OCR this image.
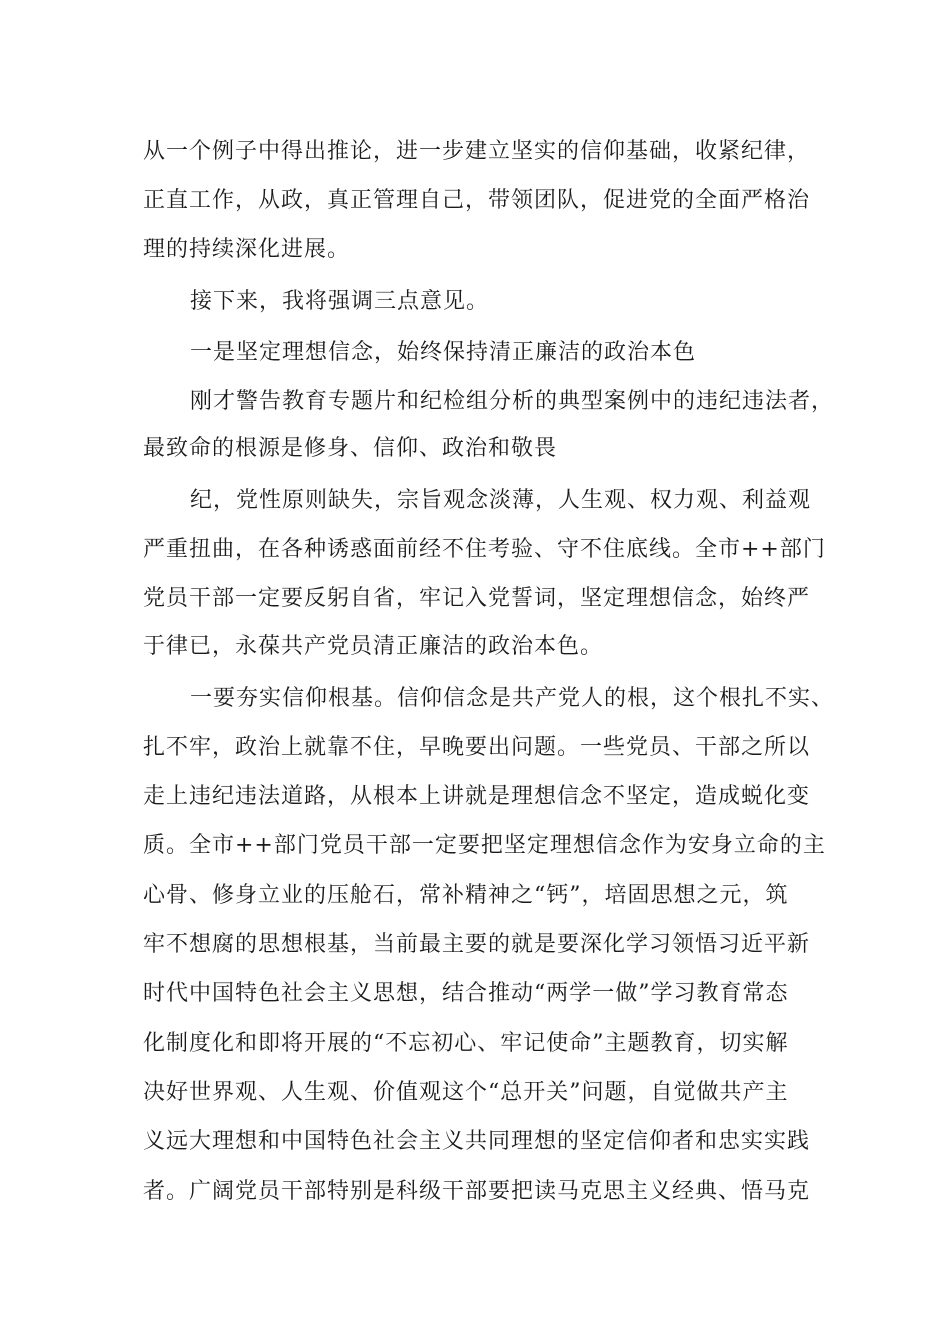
从一个例子中得出推论，进一步建立坚实的信仰基础，收紧纪律，
正直工作，从政，真正管理自己，带领团队，促进党的全面严格治
理的持续深化进展。
接下来，我将强调三点意见。
一是坚定理想信念，始终保持清正廉洁的政治本色
刚才警告教育专题片和纪检组分析的典型案例中的违纪违法者，
最致命的根源是修身、信仰、政治和敬畏
纪，党性原则缺失，宗旨观念淡薄，人生观、权力观、利益观
严重扭曲，在各种诱惑面前经不住考验、守不住底线。全市++部门
党员干部一定要反躬自省，牢记入党誓词，坚定理想信念，始终严
于律已，永葆共产党员清正廉洁的政治本色。
一要夯实信仰根基。信仰信念是共产党人的根，这个根扎不实、
扎不牢，政治上就靠不住，早晚要出问题。一些党员、干部之所以
走上违纪违法道路，从根本上讲就是理想信念不坚定，造成蜕化变
质。全市++部门党员干部一定要把坚定理想信念作为安身立命的主
心骨、修身立业的压舱石，常补精神之“钙”，培固思想之元，筑
牢不想腐的思想根基，当前最主要的就是要深化学习领悟习近平新
时代中国特色社会主义思想，结合推动“两学一做”学习教育常态
化制度化和即将开展的“不忘初心、牢记使命”主题教育，切实解
决好世界观、人生观、价值观这个“总开关”问题，自觉做共产主
义远大理想和中国特色社会主义共同理想的坚定信仰者和忠实实践
者。广阔党员干部特别是科级干部要把读马克思主义经典、悟马克
